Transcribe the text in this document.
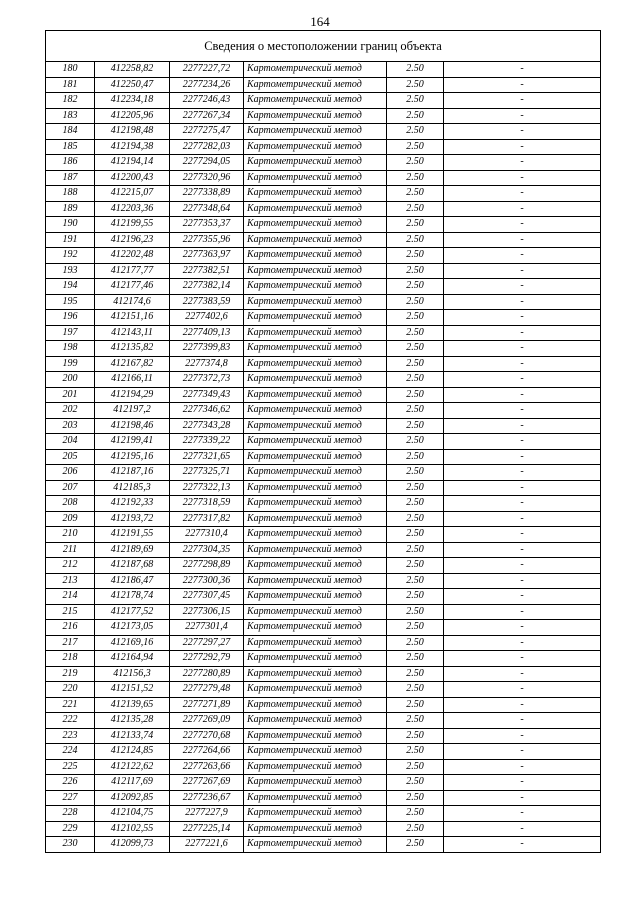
164
Сведения о местоположении границ объекта					
180	412258,82	2277227,72	Картометрический метод	2.50	-
181	412250,47	2277234,26	Картометрический метод	2.50	-
182	412234,18	2277246,43	Картометрический метод	2.50	-
183	412205,96	2277267,34	Картометрический метод	2.50	-
184	412198,48	2277275,47	Картометрический метод	2.50	-
185	412194,38	2277282,03	Картометрический метод	2.50	-
186	412194,14	2277294,05	Картометрический метод	2.50	-
187	412200,43	2277320,96	Картометрический метод	2.50	-
188	412215,07	2277338,89	Картометрический метод	2.50	-
189	412203,36	2277348,64	Картометрический метод	2.50	-
190	412199,55	2277353,37	Картометрический метод	2.50	-
191	412196,23	2277355,96	Картометрический метод	2.50	-
192	412202,48	2277363,97	Картометрический метод	2.50	-
193	412177,77	2277382,51	Картометрический метод	2.50	-
194	412177,46	2277382,14	Картометрический метод	2.50	-
195	412174,6	2277383,59	Картометрический метод	2.50	-
196	412151,16	2277402,6	Картометрический метод	2.50	-
197	412143,11	2277409,13	Картометрический метод	2.50	-
198	412135,82	2277399,83	Картометрический метод	2.50	-
199	412167,82	2277374,8	Картометрический метод	2.50	-
200	412166,11	2277372,73	Картометрический метод	2.50	-
201	412194,29	2277349,43	Картометрический метод	2.50	-
202	412197,2	2277346,62	Картометрический метод	2.50	-
203	412198,46	2277343,28	Картометрический метод	2.50	-
204	412199,41	2277339,22	Картометрический метод	2.50	-
205	412195,16	2277321,65	Картометрический метод	2.50	-
206	412187,16	2277325,71	Картометрический метод	2.50	-
207	412185,3	2277322,13	Картометрический метод	2.50	-
208	412192,33	2277318,59	Картометрический метод	2.50	-
209	412193,72	2277317,82	Картометрический метод	2.50	-
210	412191,55	2277310,4	Картометрический метод	2.50	-
211	412189,69	2277304,35	Картометрический метод	2.50	-
212	412187,68	2277298,89	Картометрический метод	2.50	-
213	412186,47	2277300,36	Картометрический метод	2.50	-
214	412178,74	2277307,45	Картометрический метод	2.50	-
215	412177,52	2277306,15	Картометрический метод	2.50	-
216	412173,05	2277301,4	Картометрический метод	2.50	-
217	412169,16	2277297,27	Картометрический метод	2.50	-
218	412164,94	2277292,79	Картометрический метод	2.50	-
219	412156,3	2277280,89	Картометрический метод	2.50	-
220	412151,52	2277279,48	Картометрический метод	2.50	-
221	412139,65	2277271,89	Картометрический метод	2.50	-
222	412135,28	2277269,09	Картометрический метод	2.50	-
223	412133,74	2277270,68	Картометрический метод	2.50	-
224	412124,85	2277264,66	Картометрический метод	2.50	-
225	412122,62	2277263,66	Картометрический метод	2.50	-
226	412117,69	2277267,69	Картометрический метод	2.50	-
227	412092,85	2277236,67	Картометрический метод	2.50	-
228	412104,75	2277227,9	Картометрический метод	2.50	-
229	412102,55	2277225,14	Картометрический метод	2.50	-
230	412099,73	2277221,6	Картометрический метод	2.50	-
